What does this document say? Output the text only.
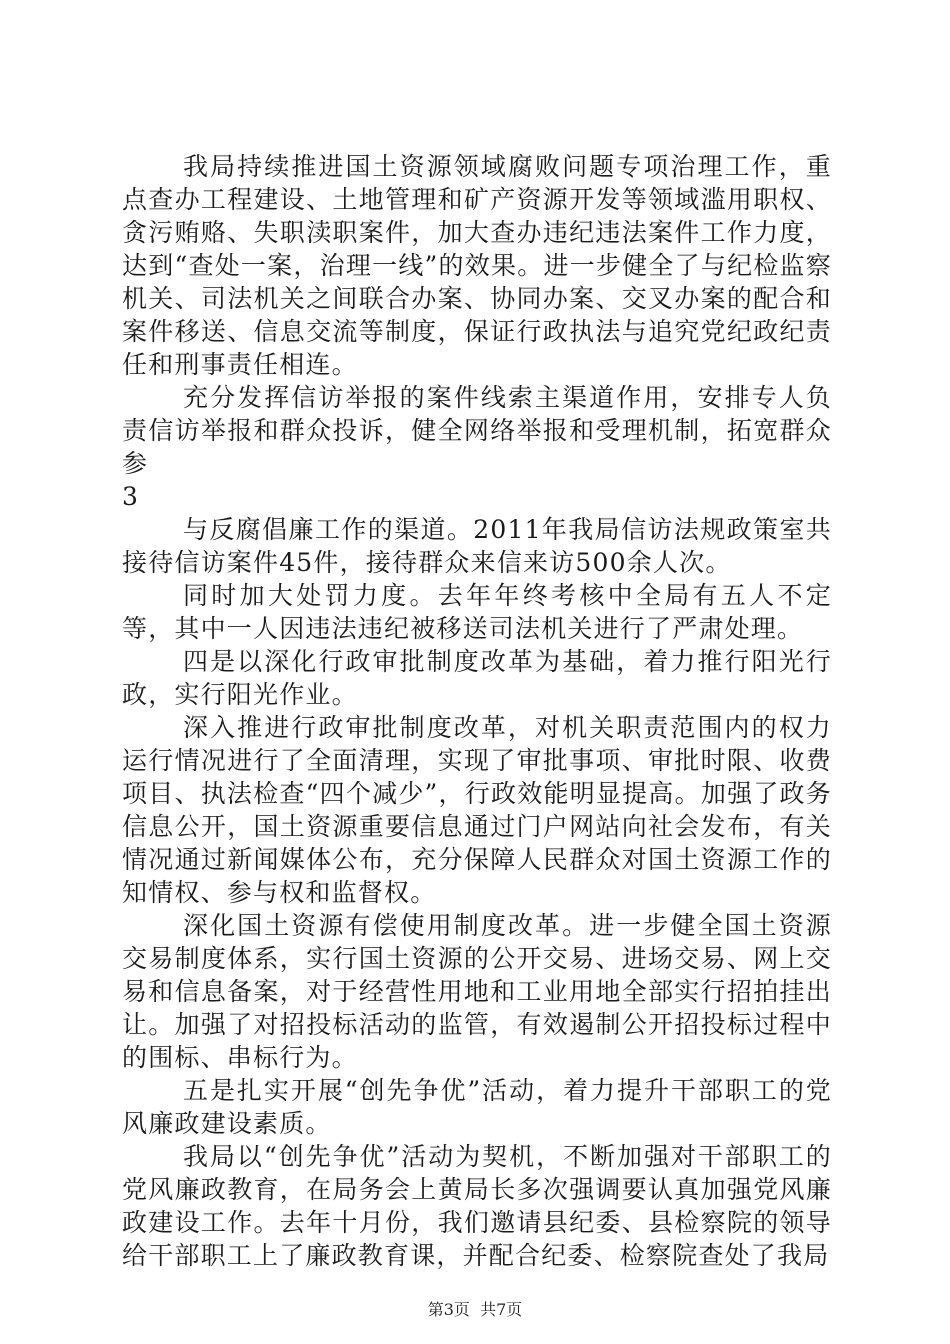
我局持续推进国土资源领域腐败问题专项治理工作，重点查办工程建设、土地管理和矿产资源开发等领域滥用职权、贪污贿赂、失职渎职案件，加大查办违纪违法案件工作力度，达到“查处一案，治理一线”的效果。进一步健全了与纪检监察机关、司法机关之间联合办案、协同办案、交叉办案的配合和案件移送、信息交流等制度，保证行政执法与追究党纪政纪责任和刑事责任相连。

充分发挥信访举报的案件线索主渠道作用，安排专人负责信访举报和群众投诉，健全网络举报和受理机制，拓宽群众参

3

与反腐倡廉工作的渠道。2011年我局信访法规政策室共接待信访案件45件，接待群众来信来访500余人次。

同时加大处罚力度。去年年终考核中全局有五人不定等，其中一人因违法违纪被移送司法机关进行了严肃处理。

四是以深化行政审批制度改革为基础，着力推行阳光行政，实行阳光作业。

深入推进行政审批制度改革，对机关职责范围内的权力运行情况进行了全面清理，实现了审批事项、审批时限、收费项目、执法检查“四个减少”，行政效能明显提高。加强了政务信息公开，国土资源重要信息通过门户网站向社会发布，有关情况通过新闻媒体公布，充分保障人民群众对国土资源工作的知情权、参与权和监督权。

深化国土资源有偿使用制度改革。进一步健全国土资源交易制度体系，实行国土资源的公开交易、进场交易、网上交易和信息备案，对于经营性用地和工业用地全部实行招拍挂出让。加强了对招投标活动的监管，有效遏制公开招投标过程中的围标、串标行为。

五是扎实开展“创先争优”活动，着力提升干部职工的党风廉政建设素质。

我局以“创先争优”活动为契机，不断加强对干部职工的党风廉政教育，在局务会上黄局长多次强调要认真加强党风廉政建设工作。去年十月份，我们邀请县纪委、县检察院的领导给干部职工上了廉政教育课，并配合纪委、检察院查处了我局

第3页 共7页
